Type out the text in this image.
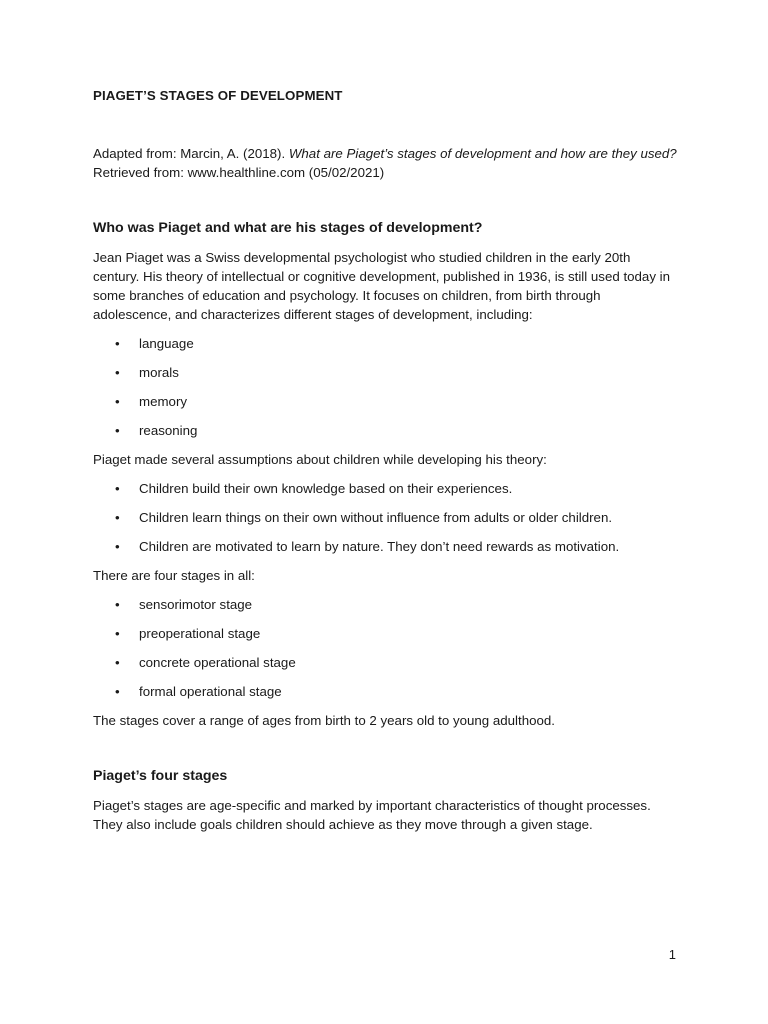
PIAGET’S STAGES OF DEVELOPMENT

Adapted from: Marcin, A. (2018). What are Piaget’s stages of development and how are they used? Retrieved from: www.healthline.com (05/02/2021)

Who was Piaget and what are his stages of development?

Jean Piaget was a Swiss developmental psychologist who studied children in the early 20th century. His theory of intellectual or cognitive development, published in 1936, is still used today in some branches of education and psychology. It focuses on children, from birth through adolescence, and characterizes different stages of development, including:

• language
• morals
• memory
• reasoning

Piaget made several assumptions about children while developing his theory:

• Children build their own knowledge based on their experiences.
• Children learn things on their own without influence from adults or older children.
• Children are motivated to learn by nature. They don’t need rewards as motivation.

There are four stages in all:

• sensorimotor stage
• preoperational stage
• concrete operational stage
• formal operational stage

The stages cover a range of ages from birth to 2 years old to young adulthood.

Piaget’s four stages

Piaget’s stages are age-specific and marked by important characteristics of thought processes. They also include goals children should achieve as they move through a given stage.

1
